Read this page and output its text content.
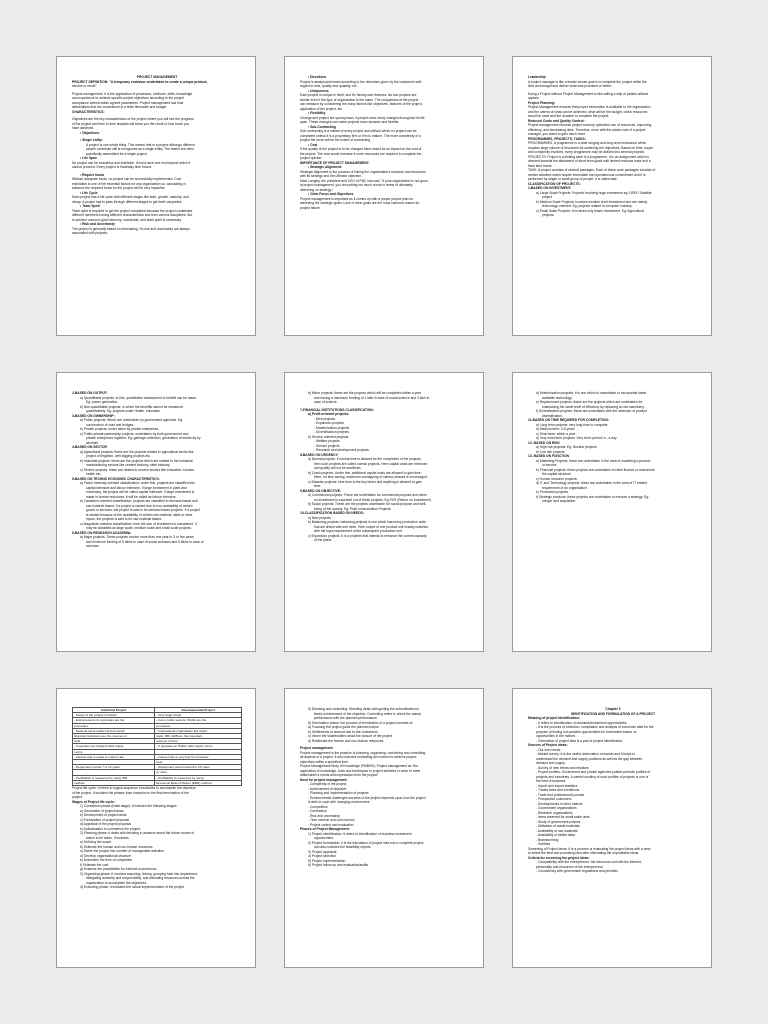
PROJECT MANAGEMENT
PROJECT DEFINITION: "A temporary endeavor undertaken to create a unique product,
service or result".
Project management: It is the application of processes, methods, skills, knowledge
and experience to achieve specific project objectives according to the project
acceptance criteria within agreed parameters. Project management has final
deliverables that are constrained to a finite timescale and budget.
CHARACTERISTICS:
Objectives are the key characteristics of the project where you will see the progress
of the project and here to time analysis will show you the result of how much you
have achieved.
• Objectives:
• Single entity:
A project is one whole thing. This means that in a project although different
people contribute still is recognized as a single entity. The teams are often
specifically assembled for a single project.
• Life Span
No project can be ceaseless and indefinite. It must have one end beyond which it
cannot proceed. Every project is invariably time bound.
• Require funds
Without adequate funds, no project can be successfully implemented. Cost
estimation is one of the essential factors for any organization so, calculating in
advance the required funds for the project will be very impactful.
• Life Cycle
Each project has a life cycle with different stages like start, growth, maturity, and
decay. A project has to pass through different stages to get itself completed.
• Team Spirit
Team spirit is required to get the project completed because the project constitutes
different members having different characteristics and from various disciplines. But
to achieve common goal harmony, coordinate, and team spirit is necessary.
• Risk and Uncertainty
The project is generally based on forecasting. So risk and uncertainty are always
associated with projects.
• Directions
Project is always performed according to the directions given by the customers with
regard to time, quality and quantity, etc.
• Uniqueness
Each project is unique in itself, and it's having own features. No two projects are
similar even if the type of organization is the same. The uniqueness of the project
can measure by considering the many factors like objectives, features of the project,
application of the project, etc.
• Flexibility
Change and project are synonymous. A project sees many changes throughout its life
span. These changes can make projects more dynamic and flexible.
• Sub-Contracting
Sub-contracting is a subset of every project and without which no project can be
completed unless it is a proprietary firm or firm is mature. The more complexity of a
project the more will be the extent of contracting.
• Cost
If the quality of the project is to be changed there would be an impact on the cost of
the project. The cost would increase if more resources are required to complete the
project quicker.
IMPORTANCE OF PROJECT MANAGEMENT:
• Strategic Alignment:
Strategic Alignment is the process of linking the organization's structure and resources
with its strategy and the ultimate objective.
Mark Langley, the president and CEO of PMI, has said, "If your organization is not good
at project management, you are putting too much at risk in terms of ultimately
delivering on strategy."
• Clear Focus and Objectives
Project management is important as it comes up with a proper project plan for
achieving the strategic goals. Lack of clear goals are the most common reason for
project failure.
Leadership
A project manager is like a leader whose goal is to complete the project within the
time and budget and deliver what was promised or better.
Doing a Project without Project Management is like sailing a ship of pirates without
captain.
Project Planning:
Project Management ensures that proper information is available to the organization
and the criteria of what can be achieved, what will be the budget, which resources
would be used and the duration to complete the project.
Reduced Costs and Quality Control:
Project management reduces project costs by optimized use of resources, improving
efficiency, and decreasing risks. Therefore, more with the added cost of a project
manager, you stand to gain much more.
PROGRAMMES, PROJECTS, TASKS:
PROGRAMMES: A programme is a wide ranging and long-term endeavour which
requires large volume of resources for achieving the objectives. Based on time, scope
and complexity involved, every programme may be divided into several projects.
PROJECTS: Project is a limiting case of a programme. It is an assignment which is
directed towards the attainment of short-term goals with limited resource base and a
fixed time frame.
TASK: A project consists of several packages. Each of these work packages consists of
certain activities which require immediate and spontaneous commitment and it is
performed by single or small group of people. It is called task.
CLASSIFICATION OF PROJECTS:
1-BASED ON INVESTMENT:
a) Large Scale Projects: Projects involving huge investment eg: DRDO Satellite
project
b) Medium Scale Projects: Involves medium level investment and are mainly
technology oriented. Eg: projects related to computer industry.
c) Small Scale Projects: It involves only lesser investment. Eg: Agricultural
projects.
2-BASED ON OUTPUT:
a) Quantifiable projects: in this, quantitative assessment of benefit can be made.
Eg: power generation.
b) Non-quantifiable projects: in which the benefits cannot be measured
quantitatively. Eg: projects under Health, education.
3-BASED ON OWNERSHIP:
a) Public projects: Which are undertaken by government agencies. Eg:
construction of road and bridges.
b) Private projects: under taken by private enterprises.
c) Public-private partnership projects: undertaken by both government and
private enterprises together. Eg: garbage collection, generation of electricity by
windmill.
4-BASED ON SECTOR
a) Agricultural projects: these are the projects related to agricultural sector like
project of irrigation, well digging projects etc.
b) Industrial projects: these are the projects which are related to the industrial
manufacturing sectors like cement industry, steel industry.
c) Service projects: these are related to service sectors like education, tourism,
health etc.
5-BASED ON TECHNO ECONOMIC CHARACTERISTICS:
a) Factor intensity-oriented classification: under this, projects are classified into
capital intensive and labour intensive. If large investment in plant and
machinery, the project will be called capital intensive. If large investment is
made in human resources, it will be called as labour intensive.
b) Causation-oriented classification: projects are classified to demand based and
raw material based. If a project is started due to non-availability of certain
goods or services, the project is said to be demand based projects. If a project
is started because of the availability of certain raw material, skills or other
inputs, the projects is said to be raw material based.
c) Magnitude oriented classification: from the size of investment is considered. It
may be classified as large scale, medium scale and small scale projects.
6-BASED ON RESEARCH ACADEMIA:
a) Major projects: These projects involve more than one year to 3 or five years
and minimum funding of 5 lakhs in case of social sciences and 5 lakhs in case of
sciences.
b) Minor projects: these are the projects which will be completed within a year
and having a maximum funding of 1 lakh in case of social science and 3 lakh in
case of science.
7-FINANCIAL INSTITUTIONS CLASSIFICATION:
a) Profit oriented projects:
- New projects
- Expansion projects
- Modernization projects
- Diversification projects
b) Service oriented projects:
- Welfare projects
- Service projects
- Research and development projects.
8-BASED ON URGENCY:
a) Normal projects: if normal time is allowed for the completion of the projects,
then such projects are called normal projects. Here capital costs are minimum
and quality will not be sacrificed.
b) Crash projects: Under this, additional capital costs are allowed to gain time.
Here, for time saving, maximum overlapping of various phases is encouraged.
c) Disaster projects: here time is the key factor and anything is allowed to gain
time.
9-BASED ON OBJECTIVE:
a) Commercial projects: These are undertaken for commercial purpose and return
on investment is expected out of these projects. Eg: ROI (Return on Investment)
b) Social projects: These are the projects undertaken for social purpose and well-
being of the society. Eg: Polio Immunization Projects.
10-CLASSIFICATION BASED ON NEEDS:
a) New projects
b) Balancing projects: balancing projects is one which has many production units
that are linked with one other. Here output of one product unit exactly matches
with the input requirement of the subsequent production unit.
c) Expansion projects: It is a projects that intends to enhance the current capacity
of the plans.
d) Modernization projects: it is one which is undertaken to incorporate latest
available technology.
e) Replacement projects: these are the projects which are undertaken for
maintaining the same level of efficiency by replacing an old machinery.
f) Diversification projects: these are undertaken with the intension of product
diversification.
11-BASED ON TIME REQUIRED FOR COMPLETION:
a) Long term projects: very long time to complete
b) Medium term: 3-5 years
c) Short term: within a year
d) Very short term projects: Very short period i.e., a day
12- BASED ON RISK
a) High risk projects: Eg: Nuclear projects
b) Low risk projects
13- BASED ON FUNCTION
a) Marketing Projects: these are undertaken in the area of marketing a product
or service.
b) Financial projects: these projects are undertaken to raise finance or restructure
the capital structure.
c) Human resource projects:
d) IT and Technology projects: these are undertaken in the area of IT related
requirement of an organisation.
e) Production projects
f) Strategic products: these projects are undertaken to execute a strategy. Eg:
merger and acquisition.
Industrial Project	Developmental Project
- Scope of the project is limited	- Very large scope
- Entrepreneurs & corporates are the	- Govt, public sectors, NGOs are the
promoters	promoters
- National stock market and domestic	- International organisation like world
financial institutions are the sources of	bank, IMF, ADB are the important
fund	sources of fund
- It operates as stringent debt equity	- It operates on Higher debt equity norms
norms	
- Interest rate is equal to market rate	- Interest rate is very low for borrowed
	fund
- Repayment period 7 to 10 years	- Repayment period extend to 25 years
	or more
- Profitability is measured by using IRR	- Profitability is measured by using
method	Economic Rate of Return (ERR) method
Project life cycle: It refers to logical sequence of activities to accomplish the objective
of the project. It includes the phases from inception to the final termination of the
project.
Stages of Project life cycle:
1) Conception phase (initial stage): it includes the following stages:
a) Generation of project ideas
b) Development of project ideas
c) Formulation of project proposal
d) Appraisal of the project proposal
e) Authorisation to commence the project.
2) Planning phase: it deals with deciding in advance about the future course of
action to be taken. It includes
a) Defining the scope
b) Estimate the human and non-human resources
c) Divide the project into number of manageable activities
d) Develop organisational structure
e) Determine the time of completion
f) Estimate the cost
g) Examine the possibilities for external occurrences.
3) Organizing phase: it involves acquiring, linking, grouping task into department,
delegating authority and responsibility, and allocating resources across the
organization to accomplish the objectives.
4) Executing phase: it indicates the actual implementation of the project.
5) Directing and controlling: Directing deals with guiding the subordinates for
timely achievement of the objective. Controlling refers to check the actual
performance with the planned performance.
6) Termination phase: the process of termination of a project consists of:
a) Focusing the project goals the planned output
b) Settlements of amount due to the contractors
c) Inform the stakeholders about the closure of the project
d) Reallocate the human and non-human resources.
Project management:
Project management is the practice of planning, organizing, monitoring and controlling
all aspects of a project. It also includes motivating all involved to achieve project
objectives within a specified time.
Project Management Body of Knowledge (PMBOK): Project management as "the
application of knowledge, tools and techniques to project activities in order to meet
stakeholder's needs and expectation from the project"
Need for project management:
- Complexity of the project
- Achievement of objective
- Planning and implementation of projects
- Environmental challenges success of the project depends upon how the project
is able to cope with changing environment
- Competition
- Contraction
- Risk and uncertainty
- Time overrun and cost overrun
- Project control and evaluation
Phases of Project Management:
1) Project identification: it refers to identification of business investment
opportunities.
2) Project formulation: it is the translation of project idea into a complete project
and also includes the feasibility reports.
3) Project appraisal
4) Project selection
5) Project implementation
6) Project follow up and evaluation/audits
Chapter 2
IDENTIFICATION AND FORMULATION OF A PROJECT
Meaning of project identification:
- It refers to identification of business/investment opportunities.
- It is the process of collection, compilation and analysis of economic data for the
purpose of finding out possible opportunities for investment based on
opportunities in the market.
- Generation of project idea is a part of project identification.
Sources of Project ideas:
- Our own needs
- Market survey: It is the useful observation of market and it helps to
understand the demand and supply positions as well as the gap between
demand and supply.
- Survey of new trends and relations
- Project profiles: Government and private agencies publish periodic profiles of
projects and industries. A careful scrutiny of such profiles of projects is one of
the best of business
- Import and export statistics
- Trades fares and exhibitions
- Trade and professional journals
- Prospective customers
- Developments in other nations
- Government organizations
- Research organizations
- Items reserved for small scale units
- Study of government policies
- Utilisation of waste materials
- Availability of raw materials
- Availability of skilled labor
- Brainstorming
- Hobbies
Screening of Project ideas: It is a process of evaluating the project ideas with a view
to select the best and promising idea after eliminating the unprofitable ideas.
Criteria for screening the project ideas:
- Compatibility with the entrepreneur: the idea must suit with the interest,
personality and resources of the entrepreneur.
- Consistency with government regulations and priorities
